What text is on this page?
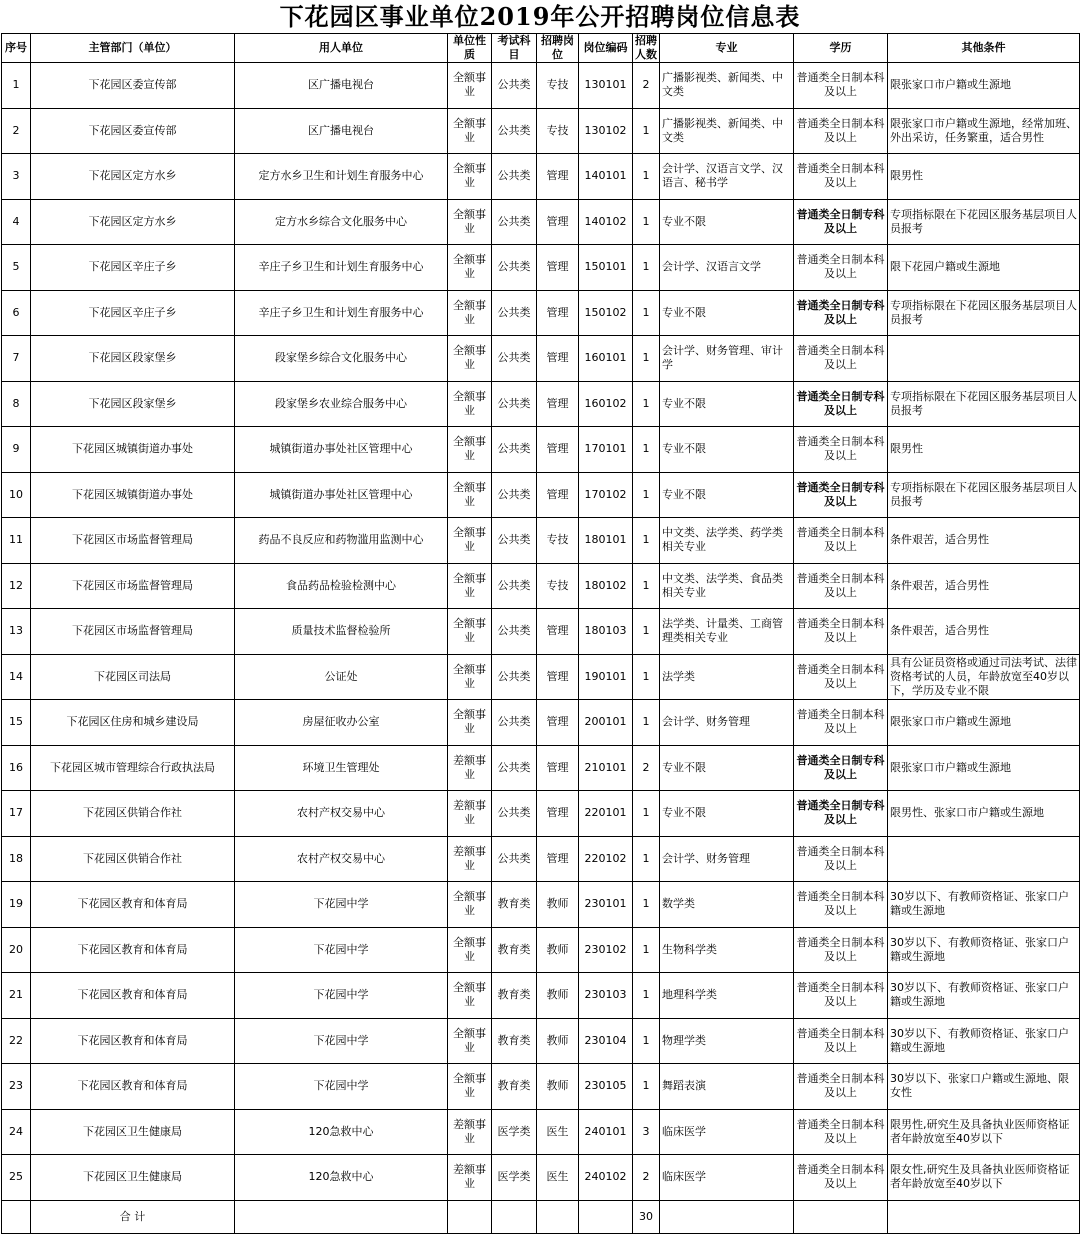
下花园区事业单位2019年公开招聘岗位信息表
序号	主管部门（单位）	用人单位	单位性质	考试科目	招聘岗位	岗位编码	招聘人数	专业	学历	其他条件
1	下花园区委宣传部	区广播电视台	全额事业	公共类	专技	130101	2	广播影视类、新闻类、中文类	普通类全日制本科及以上	限张家口市户籍或生源地
2	下花园区委宣传部	区广播电视台	全额事业	公共类	专技	130102	1	广播影视类、新闻类、中文类	普通类全日制本科及以上	限张家口市户籍或生源地，经常加班、外出采访，任务繁重，适合男性
3	下花园区定方水乡	定方水乡卫生和计划生育服务中心	全额事业	公共类	管理	140101	1	会计学、汉语言文学、汉语言、秘书学	普通类全日制本科及以上	限男性
4	下花园区定方水乡	定方水乡综合文化服务中心	全额事业	公共类	管理	140102	1	专业不限	普通类全日制专科及以上	专项指标限在下花园区服务基层项目人员报考
5	下花园区辛庄子乡	辛庄子乡卫生和计划生育服务中心	全额事业	公共类	管理	150101	1	会计学、汉语言文学	普通类全日制本科及以上	限下花园户籍或生源地
6	下花园区辛庄子乡	辛庄子乡卫生和计划生育服务中心	全额事业	公共类	管理	150102	1	专业不限	普通类全日制专科及以上	专项指标限在下花园区服务基层项目人员报考
7	下花园区段家堡乡	段家堡乡综合文化服务中心	全额事业	公共类	管理	160101	1	会计学、财务管理、审计学	普通类全日制本科及以上	
8	下花园区段家堡乡	段家堡乡农业综合服务中心	全额事业	公共类	管理	160102	1	专业不限	普通类全日制专科及以上	专项指标限在下花园区服务基层项目人员报考
9	下花园区城镇街道办事处	城镇街道办事处社区管理中心	全额事业	公共类	管理	170101	1	专业不限	普通类全日制本科及以上	限男性
10	下花园区城镇街道办事处	城镇街道办事处社区管理中心	全额事业	公共类	管理	170102	1	专业不限	普通类全日制专科及以上	专项指标限在下花园区服务基层项目人员报考
11	下花园区市场监督管理局	药品不良反应和药物滥用监测中心	全额事业	公共类	专技	180101	1	中文类、法学类、药学类相关专业	普通类全日制本科及以上	条件艰苦，适合男性
12	下花园区市场监督管理局	食品药品检验检测中心	全额事业	公共类	专技	180102	1	中文类、法学类、食品类相关专业	普通类全日制本科及以上	条件艰苦，适合男性
13	下花园区市场监督管理局	质量技术监督检验所	全额事业	公共类	管理	180103	1	法学类、计量类、工商管理类相关专业	普通类全日制本科及以上	条件艰苦，适合男性
14	下花园区司法局	公证处	全额事业	公共类	管理	190101	1	法学类	普通类全日制本科及以上	具有公证员资格或通过司法考试、法律资格考试的人员，年龄放宽至40岁以下，学历及专业不限
15	下花园区住房和城乡建设局	房屋征收办公室	全额事业	公共类	管理	200101	1	会计学、财务管理	普通类全日制本科及以上	限张家口市户籍或生源地
16	下花园区城市管理综合行政执法局	环境卫生管理处	差额事业	公共类	管理	210101	2	专业不限	普通类全日制专科及以上	限张家口市户籍或生源地
17	下花园区供销合作社	农村产权交易中心	差额事业	公共类	管理	220101	1	专业不限	普通类全日制专科及以上	限男性、张家口市户籍或生源地
18	下花园区供销合作社	农村产权交易中心	差额事业	公共类	管理	220102	1	会计学、财务管理	普通类全日制本科及以上	
19	下花园区教育和体育局	下花园中学	全额事业	教育类	教师	230101	1	数学类	普通类全日制本科及以上	30岁以下、有教师资格证、张家口户籍或生源地
20	下花园区教育和体育局	下花园中学	全额事业	教育类	教师	230102	1	生物科学类	普通类全日制本科及以上	30岁以下、有教师资格证、张家口户籍或生源地
21	下花园区教育和体育局	下花园中学	全额事业	教育类	教师	230103	1	地理科学类	普通类全日制本科及以上	30岁以下、有教师资格证、张家口户籍或生源地
22	下花园区教育和体育局	下花园中学	全额事业	教育类	教师	230104	1	物理学类	普通类全日制本科及以上	30岁以下、有教师资格证、张家口户籍或生源地
23	下花园区教育和体育局	下花园中学	全额事业	教育类	教师	230105	1	舞蹈表演	普通类全日制本科及以上	30岁以下、张家口户籍或生源地、限女性
24	下花园区卫生健康局	120急救中心	差额事业	医学类	医生	240101	3	临床医学	普通类全日制本科及以上	限男性,研究生及具备执业医师资格证者年龄放宽至40岁以下
25	下花园区卫生健康局	120急救中心	差额事业	医学类	医生	240102	2	临床医学	普通类全日制本科及以上	限女性,研究生及具备执业医师资格证者年龄放宽至40岁以下
	合 计						30			
